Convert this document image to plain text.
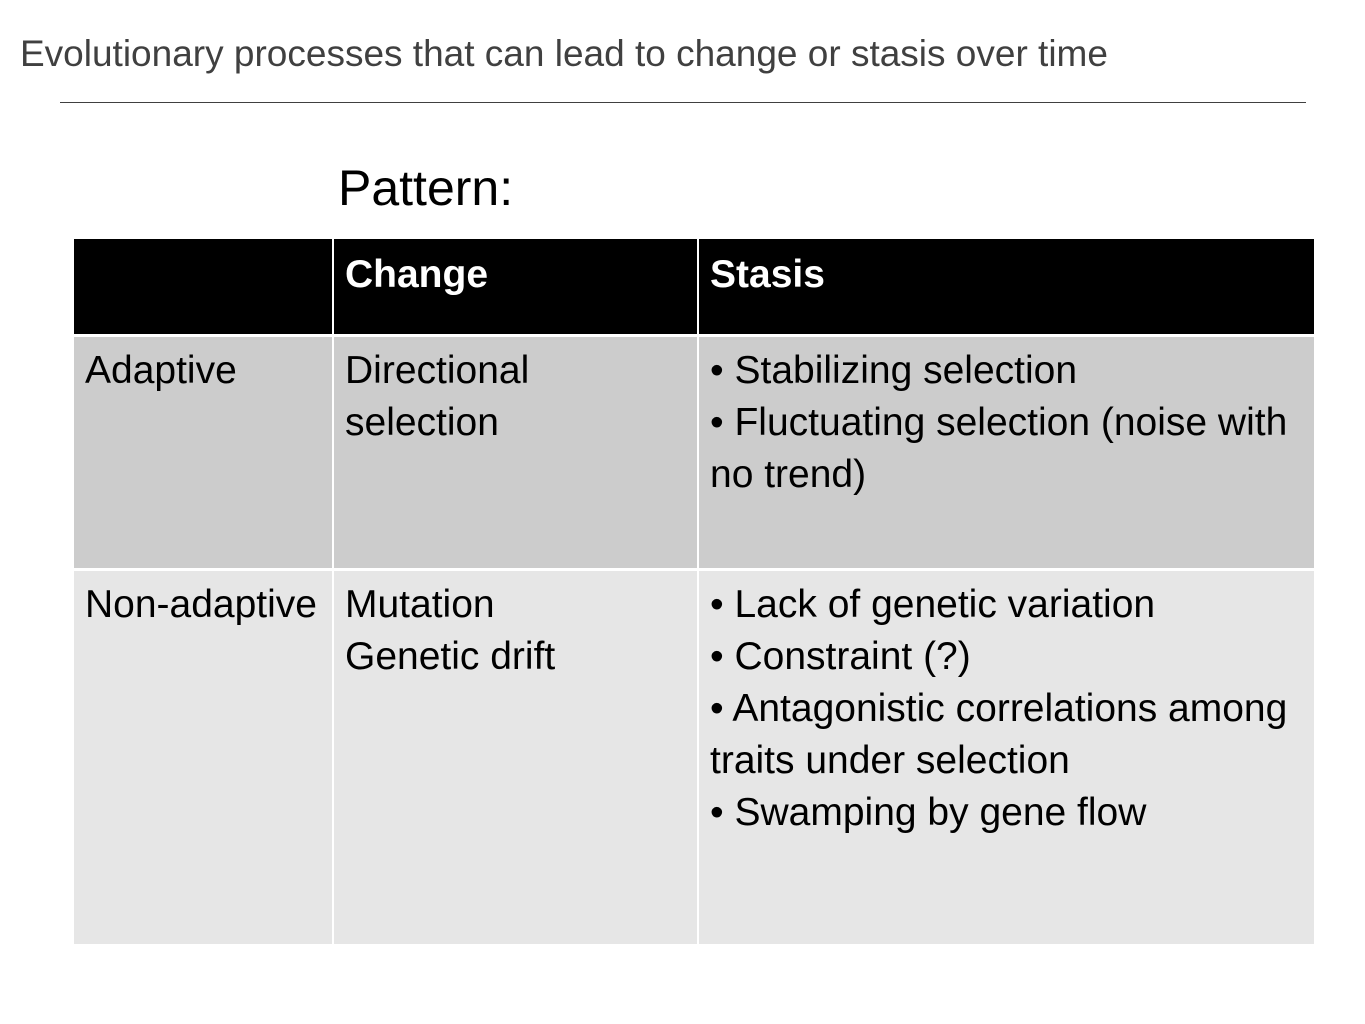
Evolutionary processes that can lead to change or stasis over time
Pattern:
Change	Stasis
Adaptive	Directional selection
• Stabilizing selection
• Fluctuating selection (noise with no trend)
Non-adaptive Mutation
Genetic drift
• Lack of genetic variation
• Constraint (?)
• Antagonistic correlations among traits under selection
• Swamping by gene flow
